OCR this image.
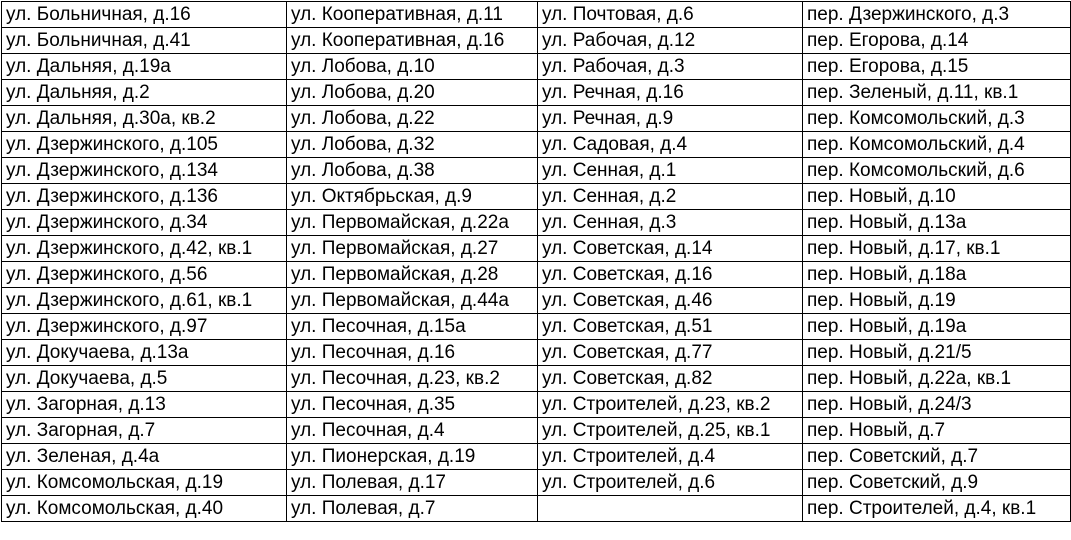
ул. Больничная, д.16	ул. Кооперативная, д.11	ул. Почтовая, д.6	пер. Дзержинского, д.3
ул. Больничная, д.41	ул. Кооперативная, д.16	ул. Рабочая, д.12	пер. Егорова, д.14
ул. Дальняя, д.19а	ул. Лобова, д.10	ул. Рабочая, д.3	пер. Егорова, д.15
ул. Дальняя, д.2	ул. Лобова, д.20	ул. Речная, д.16	пер. Зеленый, д.11, кв.1
ул. Дальняя, д.30а, кв.2	ул. Лобова, д.22	ул. Речная, д.9	пер. Комсомольский, д.3
ул. Дзержинского, д.105	ул. Лобова, д.32	ул. Садовая, д.4	пер. Комсомольский, д.4
ул. Дзержинского, д.134	ул. Лобова, д.38	ул. Сенная, д.1	пер. Комсомольский, д.6
ул. Дзержинского, д.136	ул. Октябрьская, д.9	ул. Сенная, д.2	пер. Новый, д.10
ул. Дзержинского, д.34	ул. Первомайская, д.22а	ул. Сенная, д.3	пер. Новый, д.13а
ул. Дзержинского, д.42, кв.1	ул. Первомайская, д.27	ул. Советская, д.14	пер. Новый, д.17, кв.1
ул. Дзержинского, д.56	ул. Первомайская, д.28	ул. Советская, д.16	пер. Новый, д.18а
ул. Дзержинского, д.61, кв.1	ул. Первомайская, д.44а	ул. Советская, д.46	пер. Новый, д.19
ул. Дзержинского, д.97	ул. Песочная, д.15а	ул. Советская, д.51	пер. Новый, д.19а
ул. Докучаева, д.13а	ул. Песочная, д.16	ул. Советская, д.77	пер. Новый, д.21/5
ул. Докучаева, д.5	ул. Песочная, д.23, кв.2	ул. Советская, д.82	пер. Новый, д.22а, кв.1
ул. Загорная, д.13	ул. Песочная, д.35	ул. Строителей, д.23, кв.2	пер. Новый, д.24/3
ул. Загорная, д.7	ул. Песочная, д.4	ул. Строителей, д.25, кв.1	пер. Новый, д.7
ул. Зеленая, д.4а	ул. Пионерская, д.19	ул. Строителей, д.4	пер. Советский, д.7
ул. Комсомольская, д.19	ул. Полевая, д.17	ул. Строителей, д.6	пер. Советский, д.9
ул. Комсомольская, д.40	ул. Полевая, д.7		пер. Строителей, д.4, кв.1
